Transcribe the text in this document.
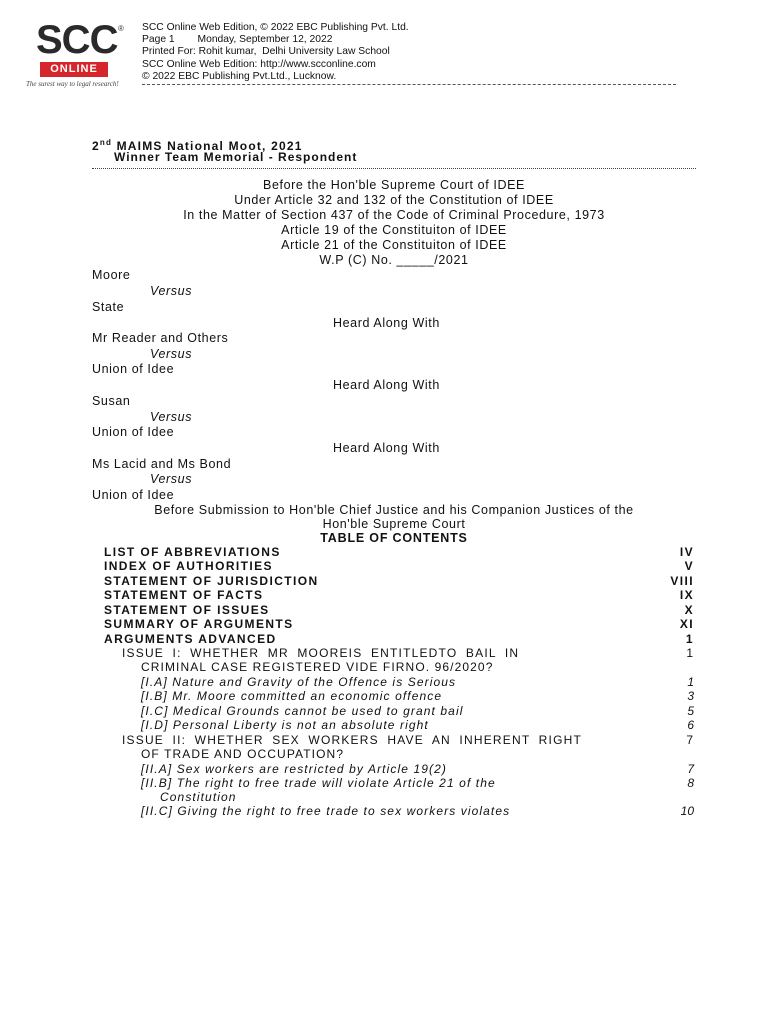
SCC ®
ONLINE
The surest way to legal research!
SCC Online Web Edition, © 2022 EBC Publishing Pvt. Ltd.
Page 1        Monday, September 12, 2022
Printed For: Rohit kumar,  Delhi University Law School
SCC Online Web Edition: http://www.scconline.com
© 2022 EBC Publishing Pvt.Ltd., Lucknow.
2nd MAIMS National Moot, 2021
Winner Team Memorial - Respondent
Before the Hon'ble Supreme Court of IDEE
Under Article 32 and 132 of the Constitution of IDEE
In the Matter of Section 437 of the Code of Criminal Procedure, 1973
Article 19 of the Constituiton of IDEE
Article 21 of the Constituiton of IDEE
W.P (C) No. _____/2021
Moore
Versus
State
Heard Along With
Mr Reader and Others
Versus
Union of Idee
Heard Along With
Susan
Versus
Union of Idee
Heard Along With
Ms Lacid and Ms Bond
Versus
Union of Idee
Before Submission to Hon'ble Chief Justice and his Companion Justices of the
Hon'ble Supreme Court
TABLE OF CONTENTS
LIST OF ABBREVIATIONS	IV
INDEX OF AUTHORITIES	V
STATEMENT OF JURISDICTION	VIII
STATEMENT OF FACTS	IX
STATEMENT OF ISSUES	X
SUMMARY OF ARGUMENTS	XI
ARGUMENTS ADVANCED	1
ISSUE I: WHETHER MR MOOREIS ENTITLEDTO BAIL IN	1
CRIMINAL CASE REGISTERED VIDE FIRNO. 96/2020?
[I.A] Nature and Gravity of the Offence is Serious	1
[I.B] Mr. Moore committed an economic offence	3
[I.C] Medical Grounds cannot be used to grant bail	5
[I.D] Personal Liberty is not an absolute right	6
ISSUE II: WHETHER SEX WORKERS HAVE AN INHERENT RIGHT	7
OF TRADE AND OCCUPATION?
[II.A] Sex workers are restricted by Article 19(2)	7
[II.B] The right to free trade will violate Article 21 of the	8
Constitution
[II.C] Giving the right to free trade to sex workers violates	10
